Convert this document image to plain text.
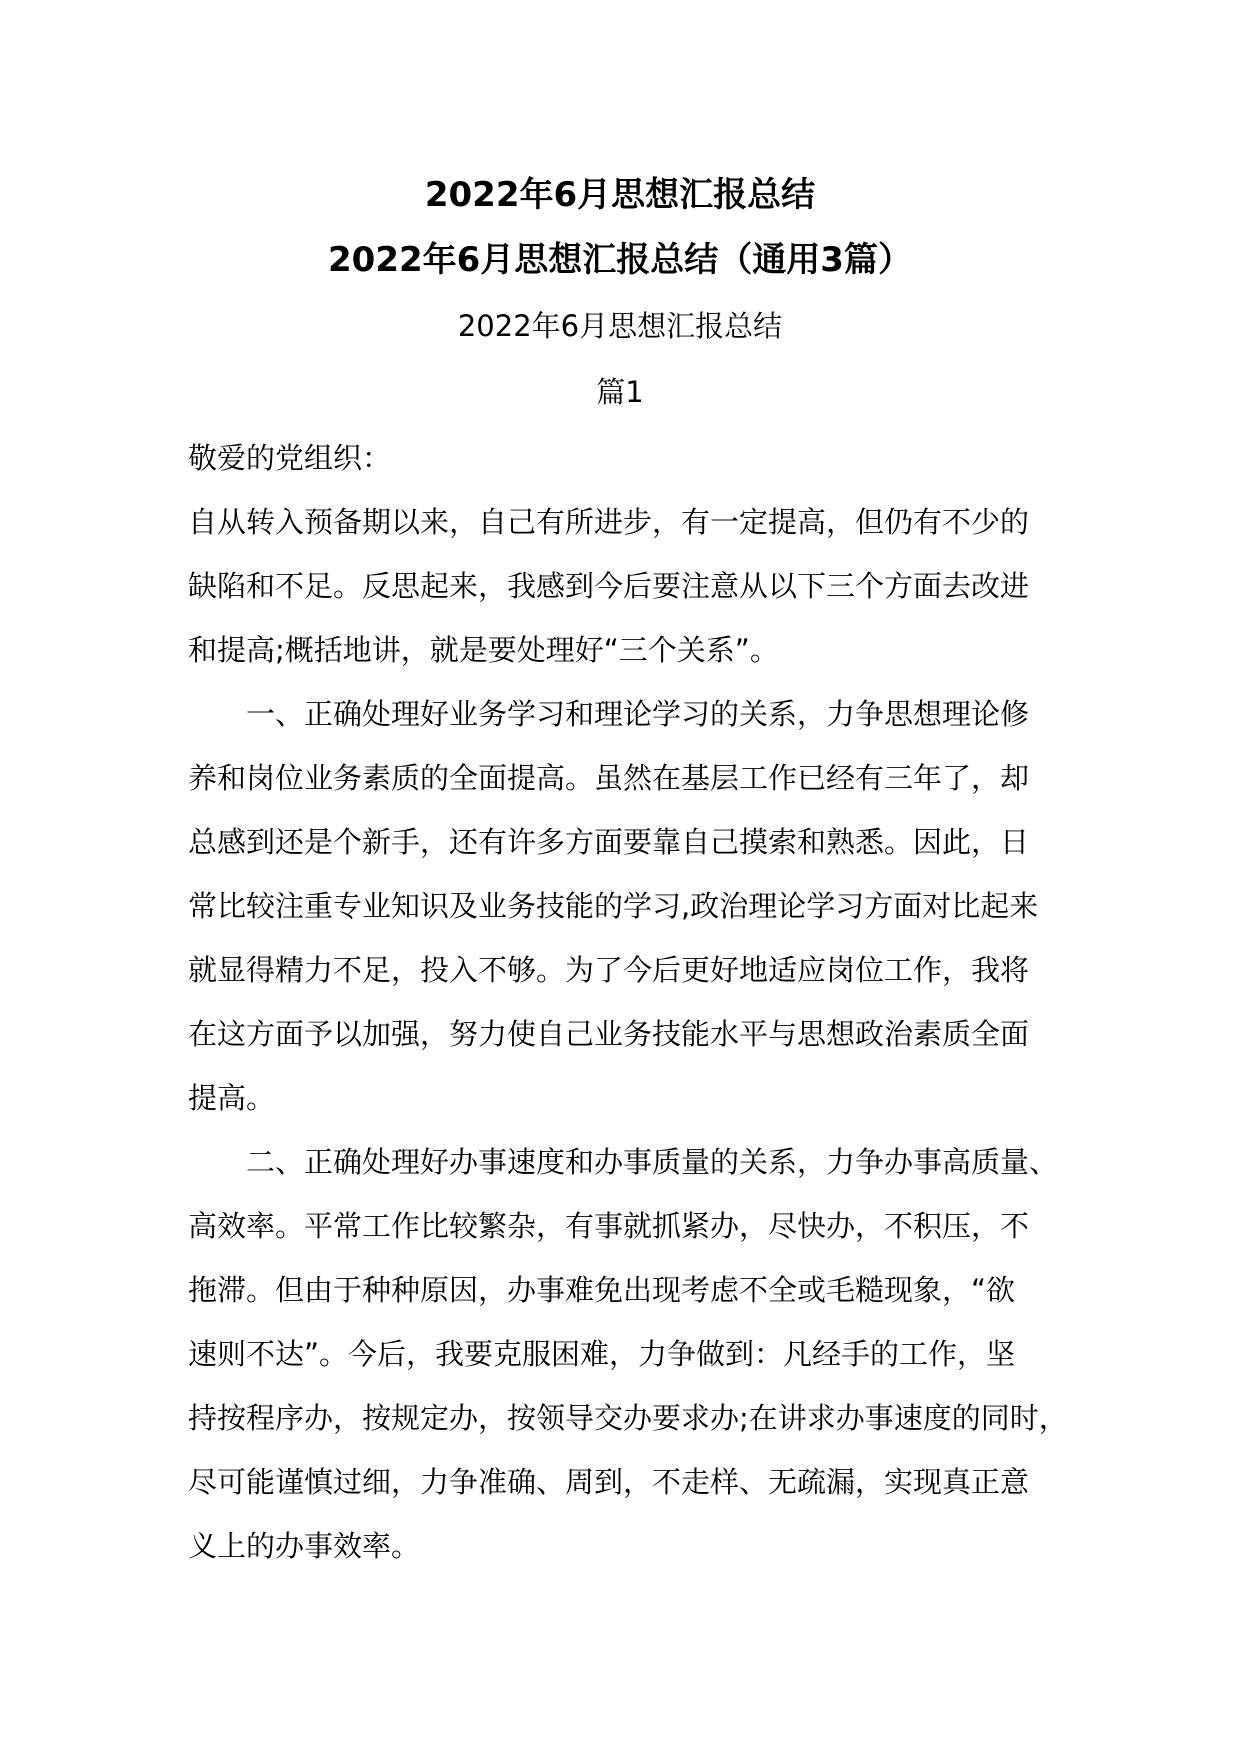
2022年6月思想汇报总结
2022年6月思想汇报总结（通用3篇）
2022年6月思想汇报总结
篇1
敬爱的党组织：
自从转入预备期以来，自己有所进步，有一定提高，但仍有不少的
缺陷和不足。反思起来，我感到今后要注意从以下三个方面去改进
和提高;概括地讲，就是要处理好“三个关系”。
一、正确处理好业务学习和理论学习的关系，力争思想理论修
养和岗位业务素质的全面提高。虽然在基层工作已经有三年了，却
总感到还是个新手，还有许多方面要靠自己摸索和熟悉。因此，日
常比较注重专业知识及业务技能的学习,政治理论学习方面对比起来
就显得精力不足，投入不够。为了今后更好地适应岗位工作，我将
在这方面予以加强，努力使自己业务技能水平与思想政治素质全面
提高。
二、正确处理好办事速度和办事质量的关系，力争办事高质量、
高效率。平常工作比较繁杂，有事就抓紧办，尽快办，不积压，不
拖滞。但由于种种原因，办事难免出现考虑不全或毛糙现象，“欲
速则不达”。今后，我要克服困难，力争做到：凡经手的工作，坚
持按程序办，按规定办，按领导交办要求办;在讲求办事速度的同时，
尽可能谨慎过细，力争准确、周到，不走样、无疏漏，实现真正意
义上的办事效率。
